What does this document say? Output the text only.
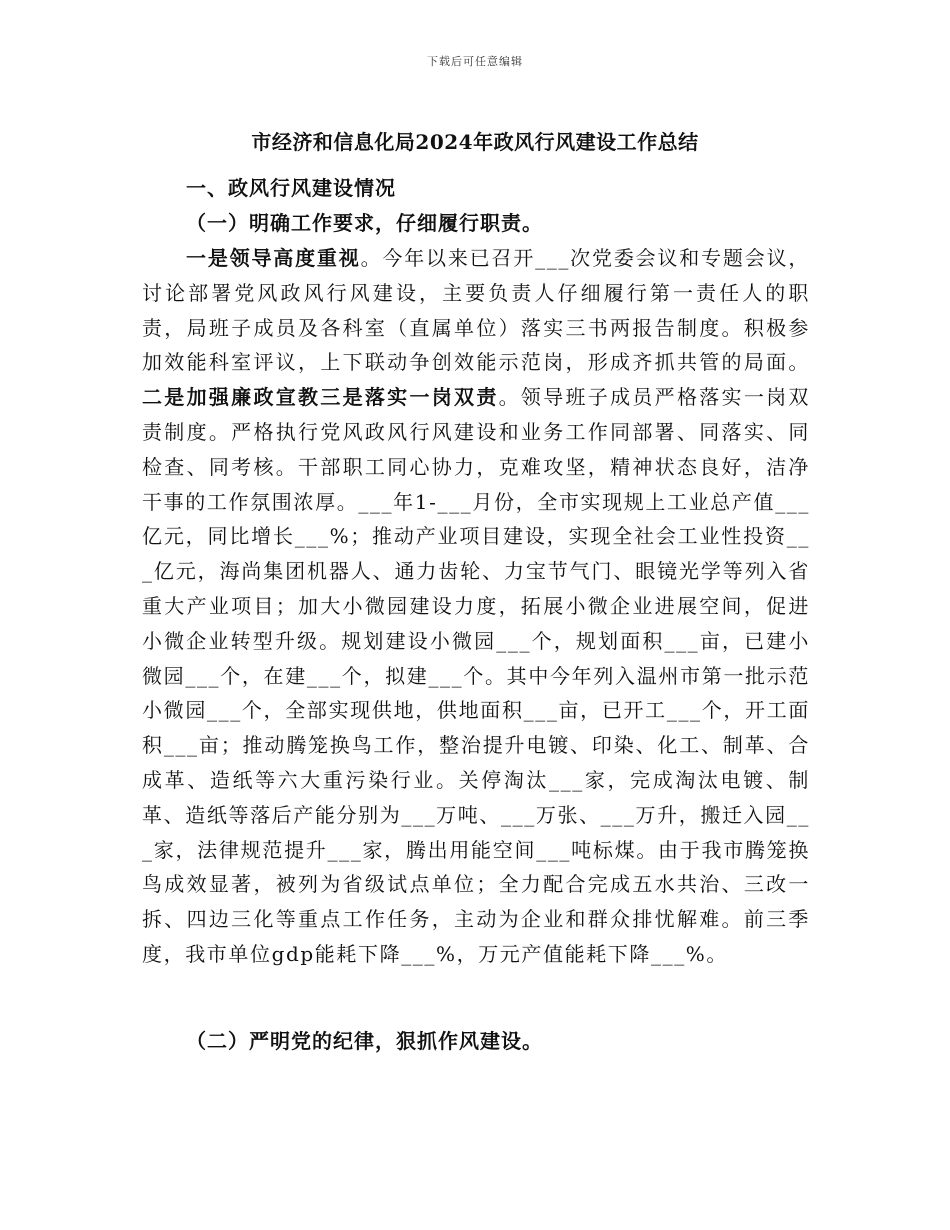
下载后可任意编辑
市经济和信息化局2024年政风行风建设工作总结
一、政风行风建设情况
（一）明确工作要求，仔细履行职责。
一是领导高度重视。今年以来已召开___次党委会议和专题会议，讨论部署党风政风行风建设，主要负责人仔细履行第一责任人的职责，局班子成员及各科室（直属单位）落实三书两报告制度。积极参加效能科室评议，上下联动争创效能示范岗，形成齐抓共管的局面。二是加强廉政宣教三是落实一岗双责。领导班子成员严格落实一岗双责制度。严格执行党风政风行风建设和业务工作同部署、同落实、同检查、同考核。干部职工同心协力，克难攻坚，精神状态良好，洁净干事的工作氛围浓厚。___年1-___月份，全市实现规上工业总产值___亿元，同比增长___%；推动产业项目建设，实现全社会工业性投资___亿元，海尚集团机器人、通力齿轮、力宝节气门、眼镜光学等列入省重大产业项目；加大小微园建设力度，拓展小微企业进展空间，促进小微企业转型升级。规划建设小微园___个，规划面积___亩，已建小微园___个，在建___个，拟建___个。其中今年列入温州市第一批示范小微园___个，全部实现供地，供地面积___亩，已开工___个，开工面积___亩；推动腾笼换鸟工作，整治提升电镀、印染、化工、制革、合成革、造纸等六大重污染行业。关停淘汰___家，完成淘汰电镀、制革、造纸等落后产能分别为___万吨、___万张、___万升，搬迁入园___家，法律规范提升___家，腾出用能空间___吨标煤。由于我市腾笼换鸟成效显著，被列为省级试点单位；全力配合完成五水共治、三改一拆、四边三化等重点工作任务，主动为企业和群众排忧解难。前三季度，我市单位gdp能耗下降___%，万元产值能耗下降___%。
（二）严明党的纪律，狠抓作风建设。
